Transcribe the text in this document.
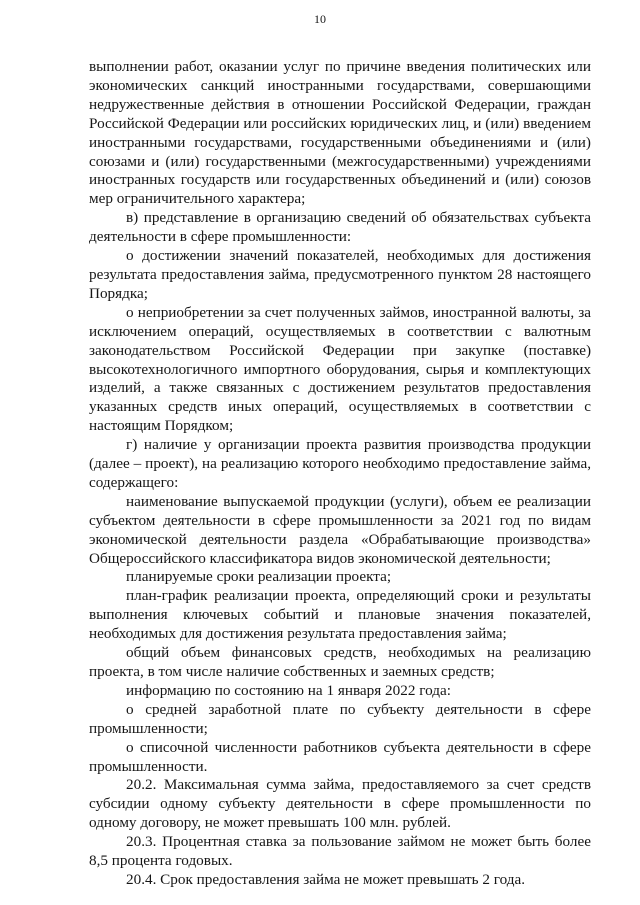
10

выполнении работ, оказании услуг по причине введения политических или экономических санкций иностранными государствами, совершающими недружественные действия в отношении Российской Федерации, граждан Российской Федерации или российских юридических лиц, и (или) введением иностранными государствами, государственными объединениями и (или) союзами и (или) государственными (межгосударственными) учреждениями иностранных государств или государственных объединений и (или) союзов мер ограничительного характера;

в) представление в организацию сведений об обязательствах субъекта деятельности в сфере промышленности:

о достижении значений показателей, необходимых для достижения результата предоставления займа, предусмотренного пунктом 28 настоящего Порядка;

о неприобретении за счет полученных займов, иностранной валюты, за исключением операций, осуществляемых в соответствии с валютным законодательством Российской Федерации при закупке (поставке) высокотехнологичного импортного оборудования, сырья и комплектующих изделий, а также связанных с достижением результатов предоставления указанных средств иных операций, осуществляемых в соответствии с настоящим Порядком;

г) наличие у организации проекта развития производства продукции (далее – проект), на реализацию которого необходимо предоставление займа, содержащего:

наименование выпускаемой продукции (услуги), объем ее реализации субъектом деятельности в сфере промышленности за 2021 год по видам экономической деятельности раздела «Обрабатывающие производства» Общероссийского классификатора видов экономической деятельности;

планируемые сроки реализации проекта;

план-график реализации проекта, определяющий сроки и результаты выполнения ключевых событий и плановые значения показателей, необходимых для достижения результата предоставления займа;

общий объем финансовых средств, необходимых на реализацию проекта, в том числе наличие собственных и заемных средств;

информацию по состоянию на 1 января 2022 года:

о средней заработной плате по субъекту деятельности в сфере промышленности;

о списочной численности работников субъекта деятельности в сфере промышленности.

20.2. Максимальная сумма займа, предоставляемого за счет средств субсидии одному субъекту деятельности в сфере промышленности по одному договору, не может превышать 100 млн. рублей.

20.3. Процентная ставка за пользование займом не может быть более 8,5 процента годовых.

20.4. Срок предоставления займа не может превышать 2 года.
